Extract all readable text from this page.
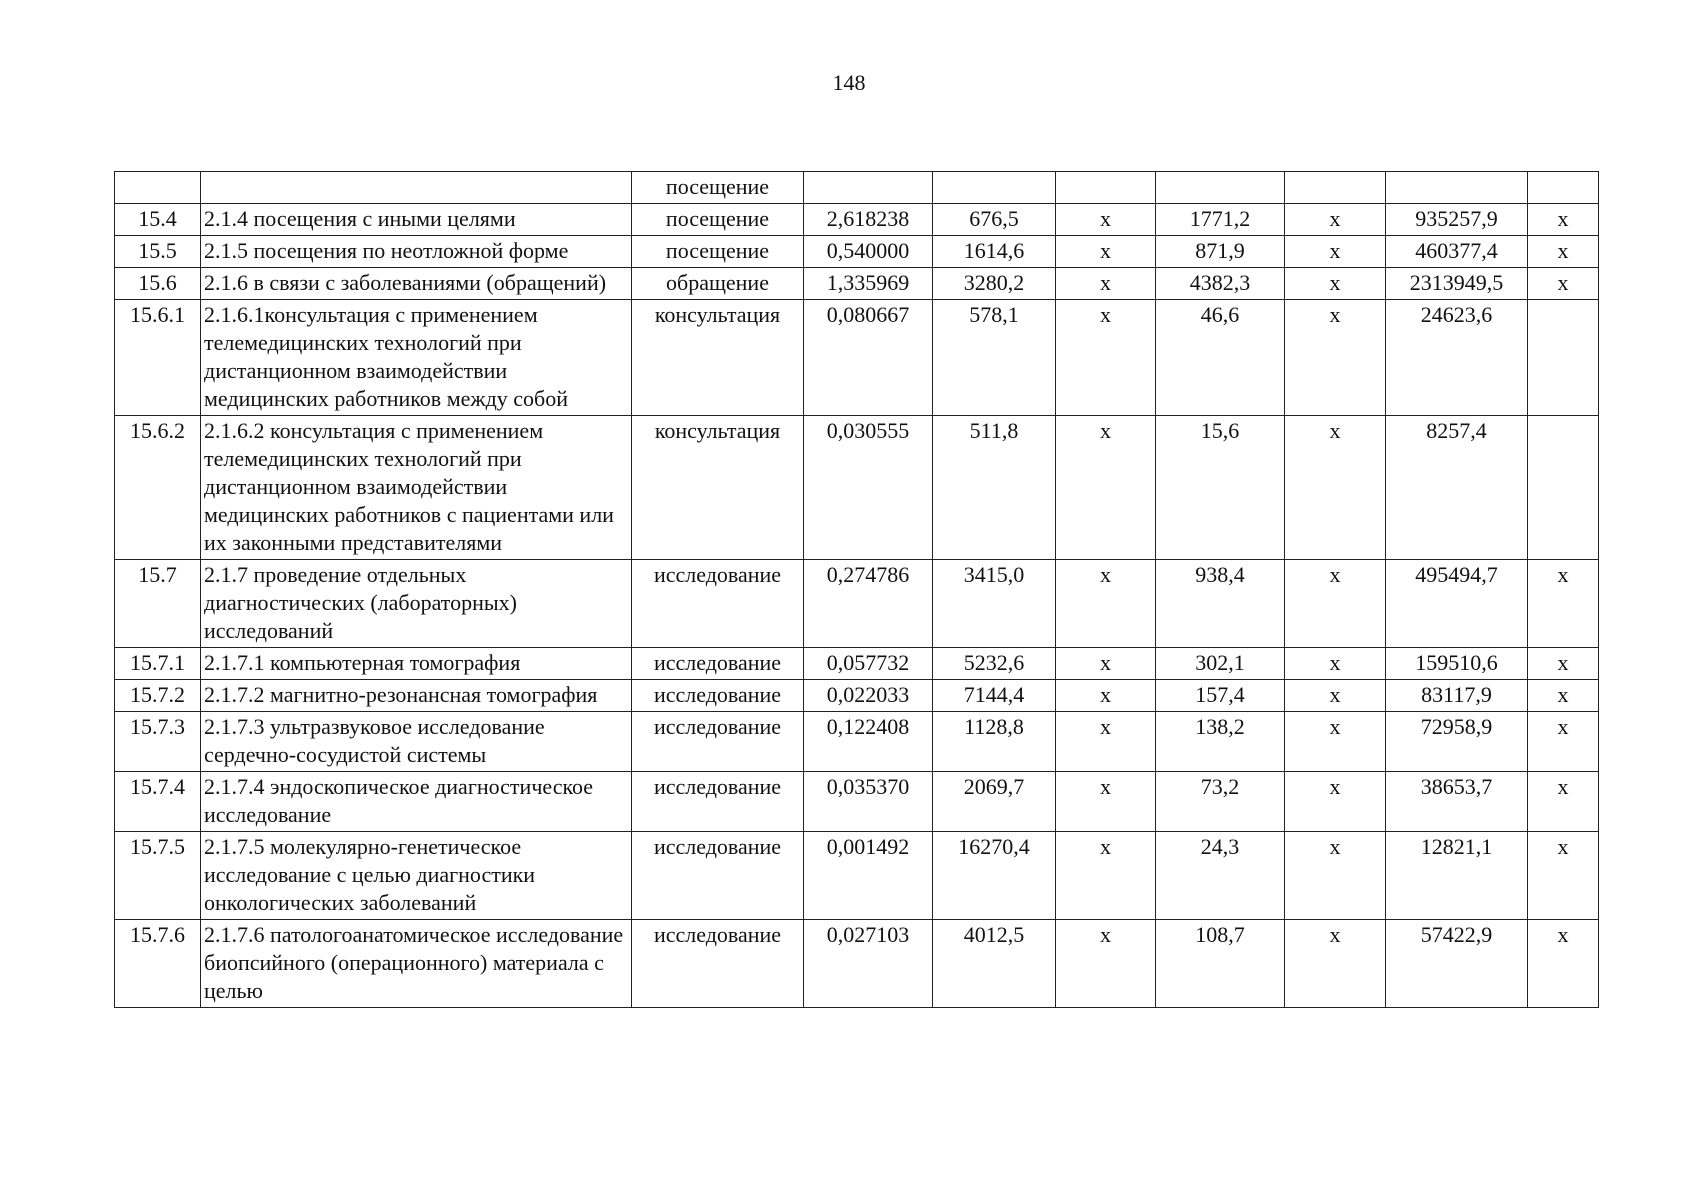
148
		посещение							
15.4	2.1.4 посещения с иными целями	посещение	2,618238	676,5	x	1771,2	x	935257,9	x
15.5	2.1.5 посещения по неотложной форме	посещение	0,540000	1614,6	x	871,9	x	460377,4	x
15.6	2.1.6 в связи с заболеваниями (обращений)	обращение	1,335969	3280,2	x	4382,3	x	2313949,5	x
15.6.1	2.1.6.1консультация с применением телемедицинских технологий при дистанционном взаимодействии медицинских работников между собой	консультация	0,080667	578,1	x	46,6	x	24623,6	
15.6.2	2.1.6.2 консультация с применением телемедицинских технологий при дистанционном взаимодействии медицинских работников с пациентами или их законными представителями	консультация	0,030555	511,8	x	15,6	x	8257,4	
15.7	2.1.7 проведение отдельных диагностических (лабораторных) исследований	исследование	0,274786	3415,0	x	938,4	x	495494,7	x
15.7.1	2.1.7.1 компьютерная томография	исследование	0,057732	5232,6	x	302,1	x	159510,6	x
15.7.2	2.1.7.2 магнитно-резонансная томография	исследование	0,022033	7144,4	x	157,4	x	83117,9	x
15.7.3	2.1.7.3 ультразвуковое исследование сердечно-сосудистой системы	исследование	0,122408	1128,8	x	138,2	x	72958,9	x
15.7.4	2.1.7.4 эндоскопическое диагностическое исследование	исследование	0,035370	2069,7	x	73,2	x	38653,7	x
15.7.5	2.1.7.5 молекулярно-генетическое исследование с целью диагностики онкологических заболеваний	исследование	0,001492	16270,4	x	24,3	x	12821,1	x
15.7.6	2.1.7.6 патологоанатомическое исследование биопсийного (операционного) материала с целью	исследование	0,027103	4012,5	x	108,7	x	57422,9	x
